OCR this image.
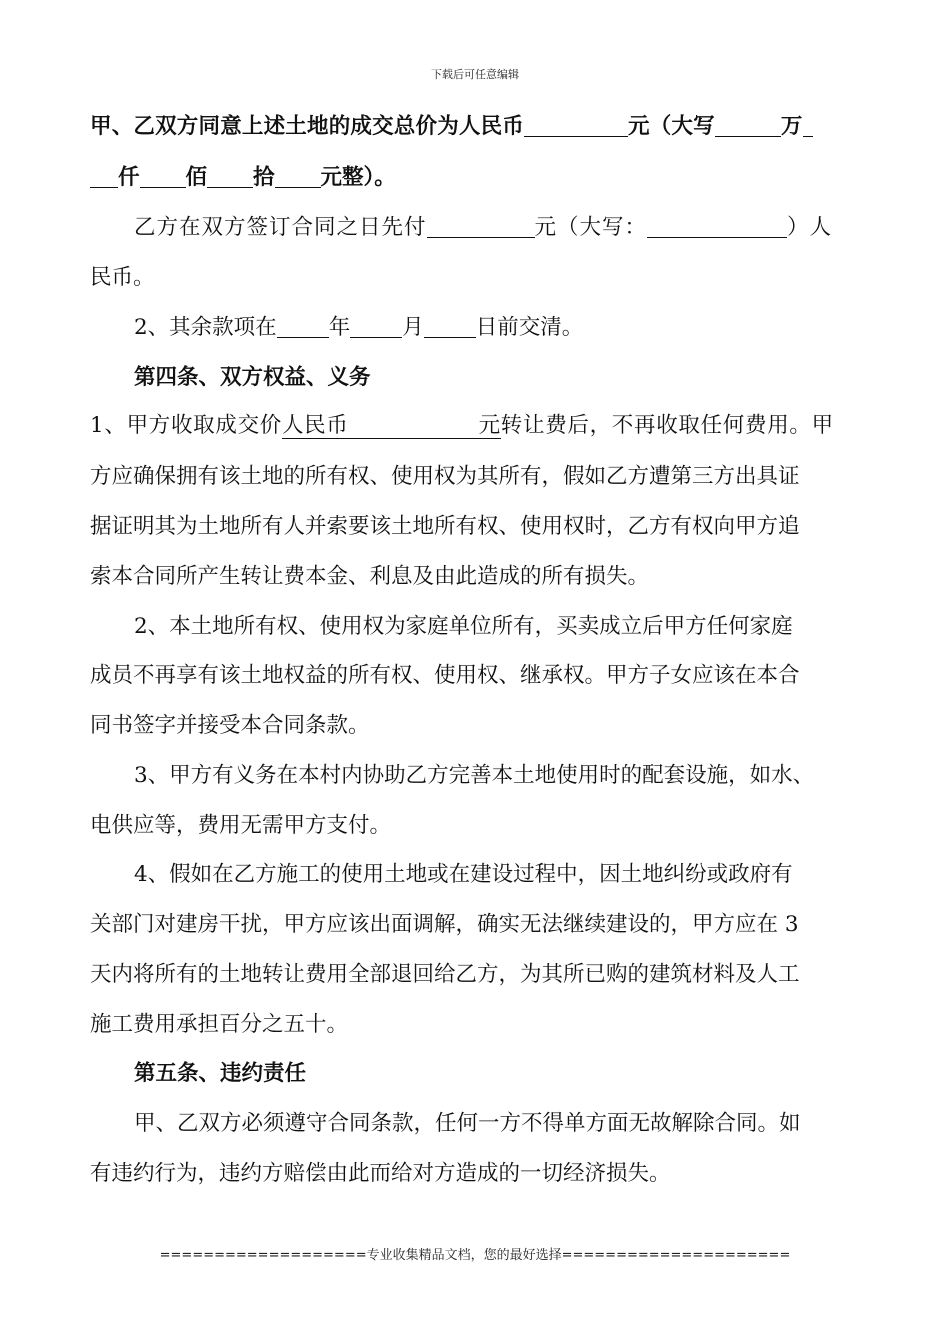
下载后可任意编辑
甲、乙双方同意上述土地的成交总价为人民币	元（大写	万
仟 佰 拾 元整）。
乙方在双方签订合同之日先付	元（大写：	）人
民币。
2、其余款项在 年 月 日前交清。
第四条、双方权益、义务
1、甲方收取成交价人民币	元转让费后，不再收取任何费用。甲
方应确保拥有该土地的所有权、使用权为其所有，假如乙方遭第三方出具证
据证明其为土地所有人并索要该土地所有权、使用权时，乙方有权向甲方追
索本合同所产生转让费本金、利息及由此造成的所有损失。
2、本土地所有权、使用权为家庭单位所有，买卖成立后甲方任何家庭
成员不再享有该土地权益的所有权、使用权、继承权。甲方子女应该在本合
同书签字并接受本合同条款。
3、甲方有义务在本村内协助乙方完善本土地使用时的配套设施，如水、
电供应等，费用无需甲方支付。
4、假如在乙方施工的使用土地或在建设过程中，因土地纠纷或政府有
关部门对建房干扰，甲方应该出面调解，确实无法继续建设的，甲方应在 3
天内将所有的土地转让费用全部退回给乙方，为其所已购的建筑材料及人工
施工费用承担百分之五十。
第五条、违约责任
甲、乙双方必须遵守合同条款，任何一方不得单方面无故解除合同。如
有违约行为，违约方赔偿由此而给对方造成的一切经济损失。
===================专业收集精品文档，您的最好选择=====================
